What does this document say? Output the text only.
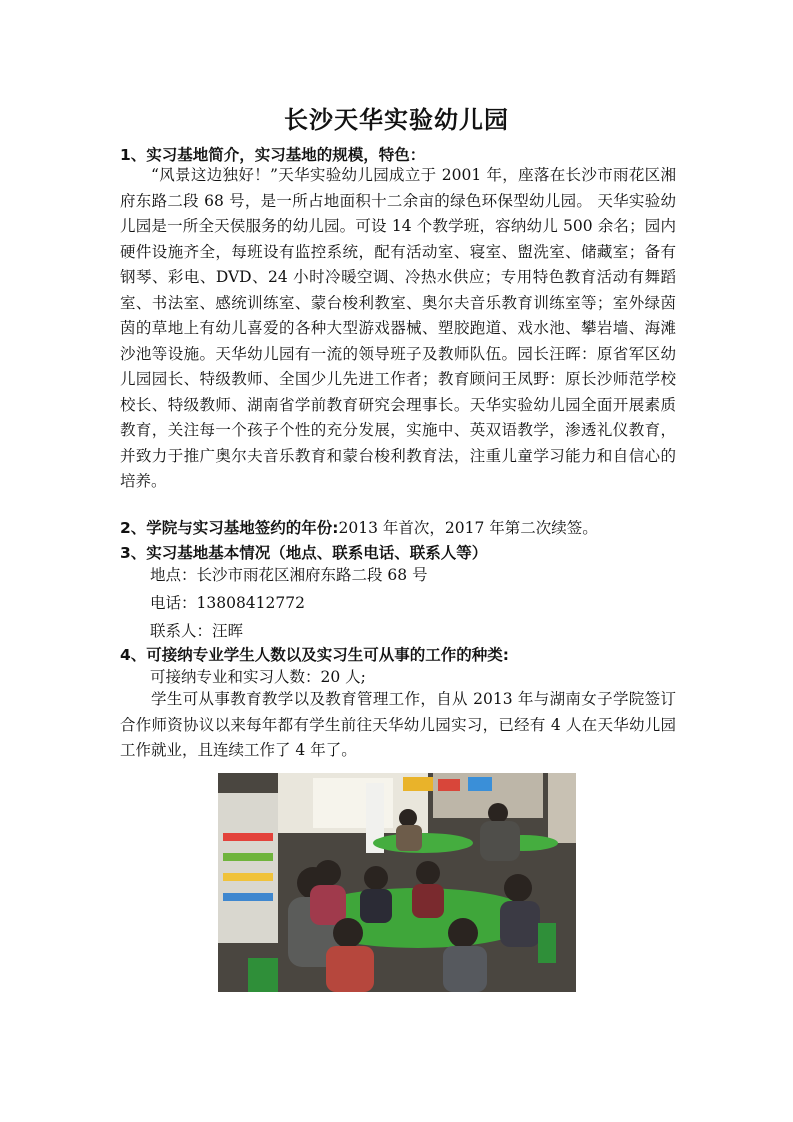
长沙天华实验幼儿园
1、实习基地简介，实习基地的规模，特色：

“风景这边独好！”天华实验幼儿园成立于 2001 年，座落在长沙市雨花区湘府东路二段 68 号，是一所占地面积十二余亩的绿色环保型幼儿园。 天华实验幼儿园是一所全天侯服务的幼儿园。可设 14 个教学班，容纳幼儿 500 余名；园内硬件设施齐全，每班设有监控系统，配有活动室、寝室、盥洗室、储藏室；备有钢琴、彩电、DVD、24 小时冷暖空调、冷热水供应；专用特色教育活动有舞蹈室、书法室、感统训练室、蒙台梭利教室、奥尔夫音乐教育训练室等；室外绿茵茵的草地上有幼儿喜爱的各种大型游戏器械、塑胶跑道、戏水池、攀岩墙、海滩沙池等设施。天华幼儿园有一流的领导班子及教师队伍。园长汪晖：原省军区幼儿园园长、特级教师、全国少儿先进工作者；教育顾问王凤野：原长沙师范学校校长、特级教师、湖南省学前教育研究会理事长。天华实验幼儿园全面开展素质教育，关注每一个孩子个性的充分发展，实施中、英双语教学，渗透礼仪教育，并致力于推广奥尔夫音乐教育和蒙台梭利教育法，注重儿童学习能力和自信心的培养。

2、学院与实习基地签约的年份:2013 年首次，2017 年第二次续签。
3、实习基地基本情况（地点、联系电话、联系人等）
地点：长沙市雨花区湘府东路二段 68 号
电话：13808412772
联系人：汪晖
4、可接纳专业学生人数以及实习生可从事的工作的种类:
可接纳专业和实习人数：20 人;

学生可从事教育教学以及教育管理工作，自从 2013 年与湖南女子学院签订合作师资协议以来每年都有学生前往天华幼儿园实习，已经有 4 人在天华幼儿园工作就业，且连续工作了 4 年了。
